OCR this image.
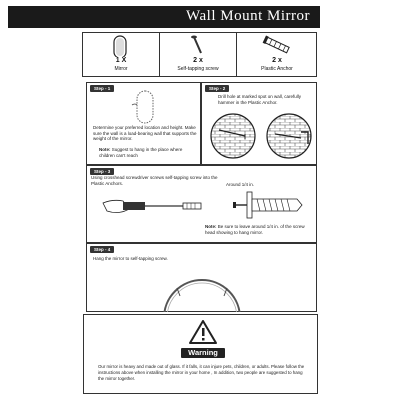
Wall Mount Mirror
1 X
Mirror
2 x
Self-tapping screw
2 x
Plastic Anchor
Step - 1
Determine your preferred location and height. Make sure the wall is a load-bearing wall that supports the weight of the mirror.
Note: Suggest to hang in the place where children can't reach
Step - 2
Drill hole at marked spot on wall, carefully hammer in the Plastic Anchor.
Step - 3
Using crosshead screwdriver screws self-tapping screw into the Plastic Anchors.	Around 1/4 in.
Note: Be sure to leave around 1/4 in. of the screw head showing to hang mirror.
Step - 4
Hang the mirror to self-tapping screw.
Warning
Our mirror is heavy and made out of glass. If it falls, it can injure pets, children, or adults. Please follow the instructions above when installing the mirror in your home , In addition, two people are suggested to hang the mirror together.
